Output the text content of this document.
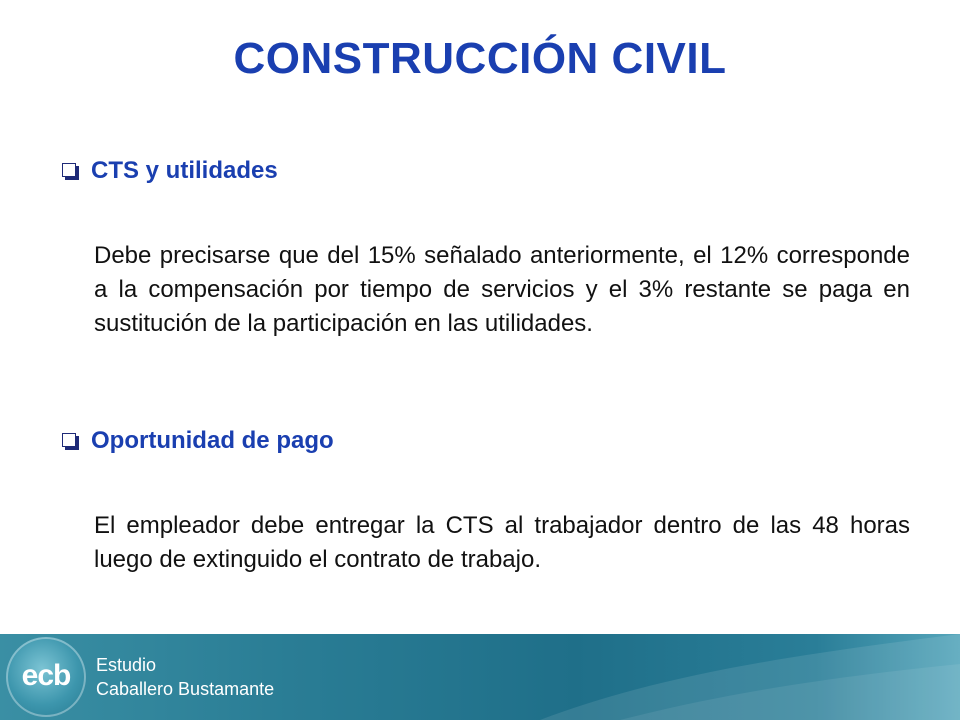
CONSTRUCCIÓN CIVIL
CTS y utilidades

Debe precisarse que del 15% señalado anteriormente, el 12% corresponde a la compensación por tiempo de servicios y el 3% restante se paga en sustitución de la participación en las utilidades.

Oportunidad de pago

El empleador debe entregar la CTS al trabajador dentro de las 48 horas luego de extinguido el contrato de trabajo.

ecb	Estudio
Caballero Bustamante
